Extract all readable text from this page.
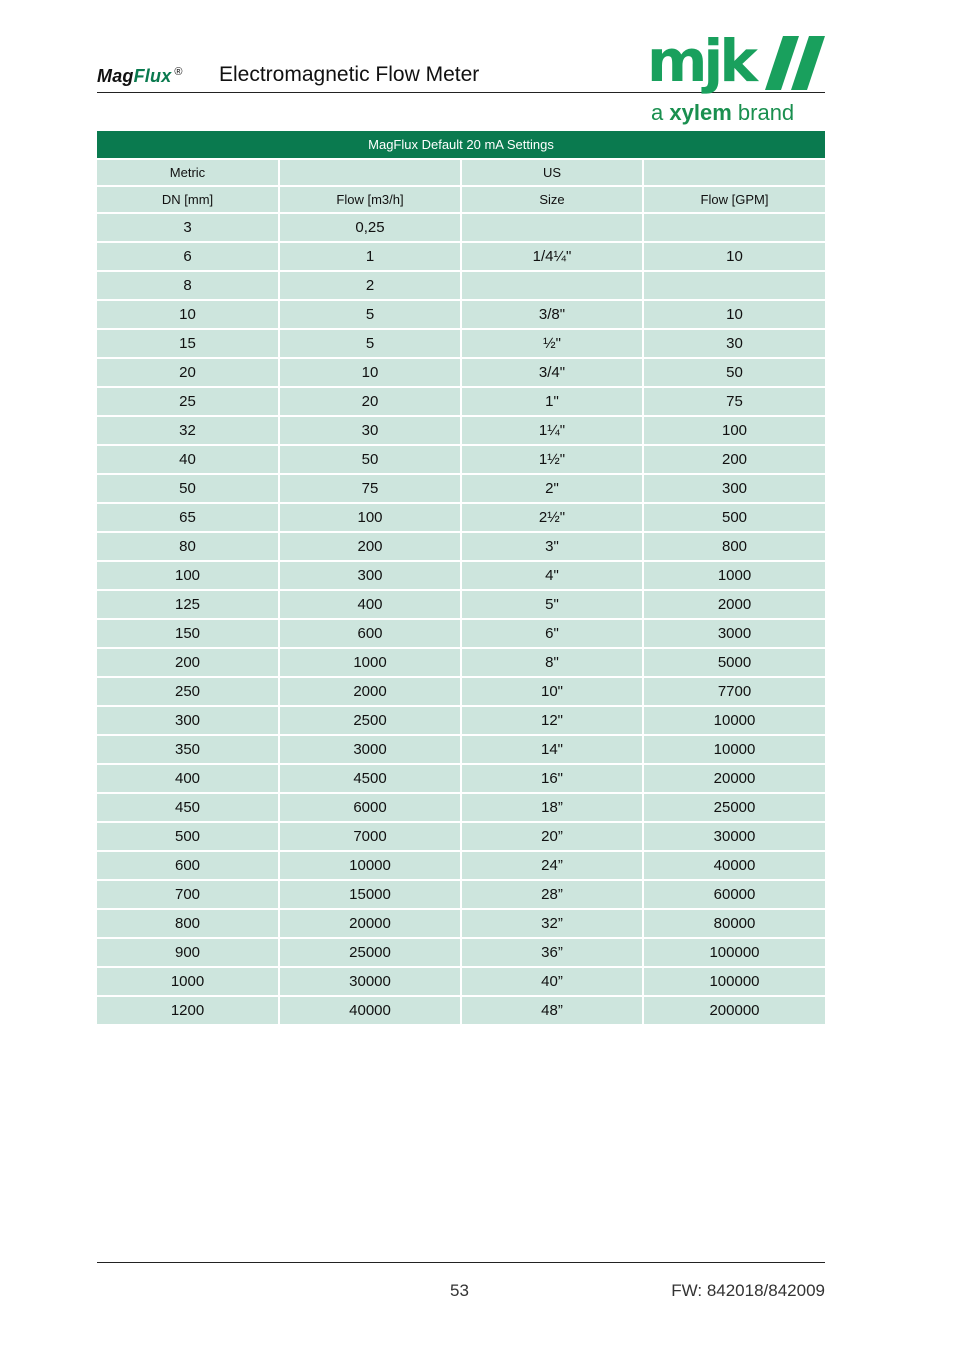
MagFlux ® Electromagnetic Flow Meter	mjk
a xylem brand
MagFlux Default 20 mA Settings			
Metric		US	
DN [mm]	Flow [m3/h]	Size	Flow [GPM]
3	0,25		
6	1	1/4¼"	10
8	2		
10	5	3/8"	10
15	5	½"	30
20	10	3/4"	50
25	20	1"	75
32	30	1¼"	100
40	50	1½"	200
50	75	2"	300
65	100	2½"	500
80	200	3"	800
100	300	4"	1000
125	400	5"	2000
150	600	6"	3000
200	1000	8"	5000
250	2000	10"	7700
300	2500	12"	10000
350	3000	14"	10000
400	4500	16"	20000
450	6000	18”	25000
500	7000	20”	30000
600	10000	24”	40000
700	15000	28”	60000
800	20000	32”	80000
900	25000	36”	100000
1000	30000	40”	100000
1200	40000	48”	200000
53	FW: 842018/842009
